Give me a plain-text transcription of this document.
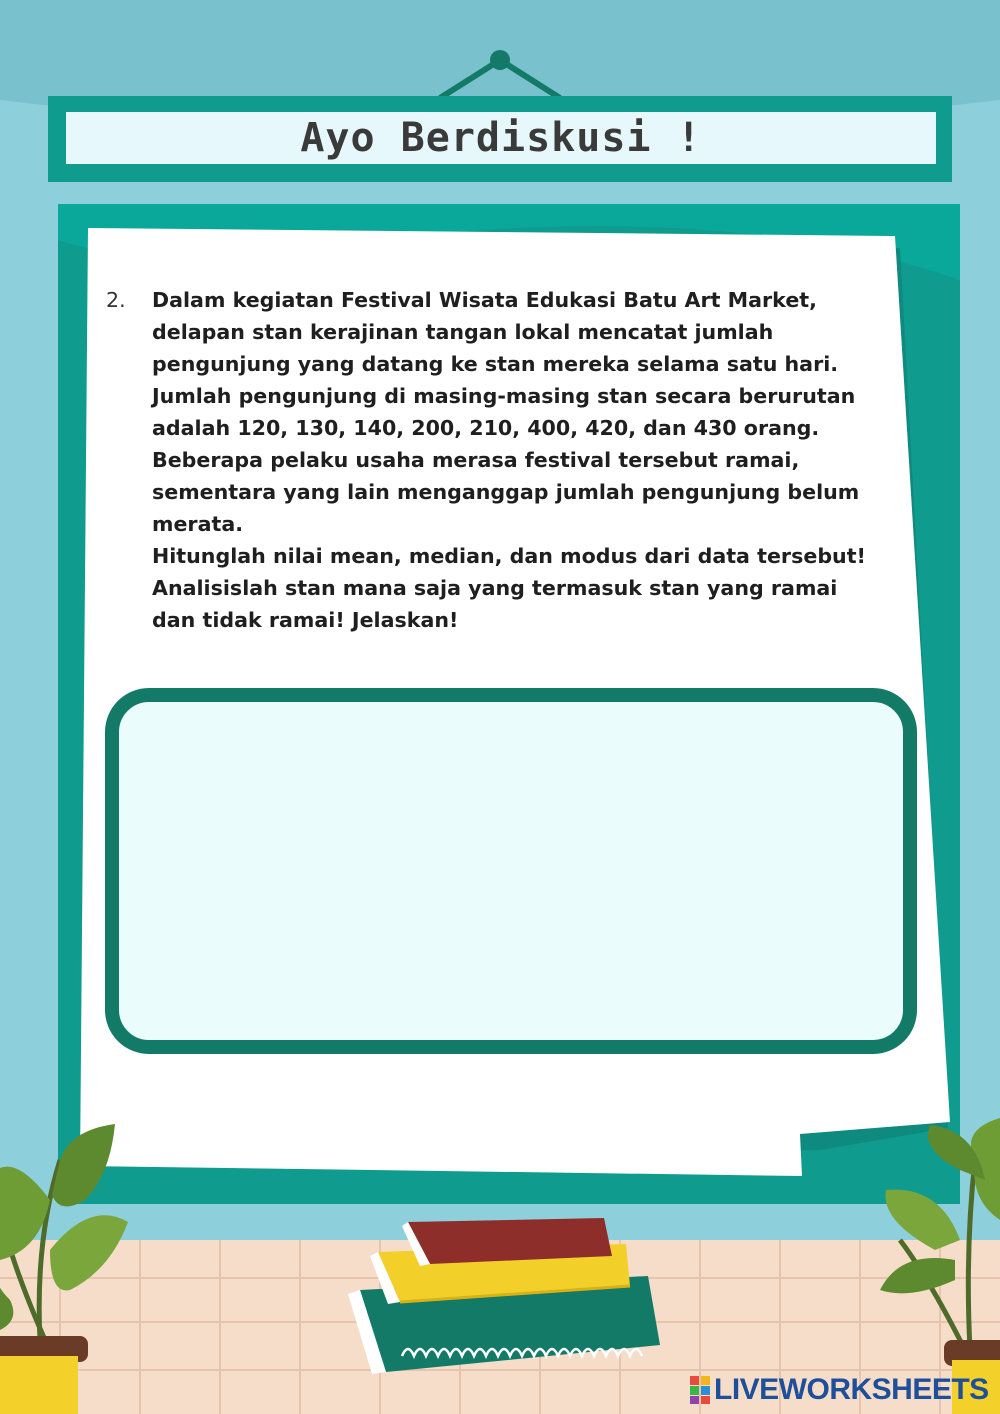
Ayo Berdiskusi !
2.	Dalam kegiatan Festival Wisata Edukasi Batu Art Market,
delapan stan kerajinan tangan lokal mencatat jumlah
pengunjung yang datang ke stan mereka selama satu hari.
Jumlah pengunjung di masing-masing stan secara berurutan
adalah 120, 130, 140, 200, 210, 400, 420, dan 430 orang.
Beberapa pelaku usaha merasa festival tersebut ramai,
sementara yang lain menganggap jumlah pengunjung belum
merata.
Hitunglah nilai mean, median, dan modus dari data tersebut!
Analisislah stan mana saja yang termasuk stan yang ramai
dan tidak ramai! Jelaskan!
LIVEWORKSHEETS
